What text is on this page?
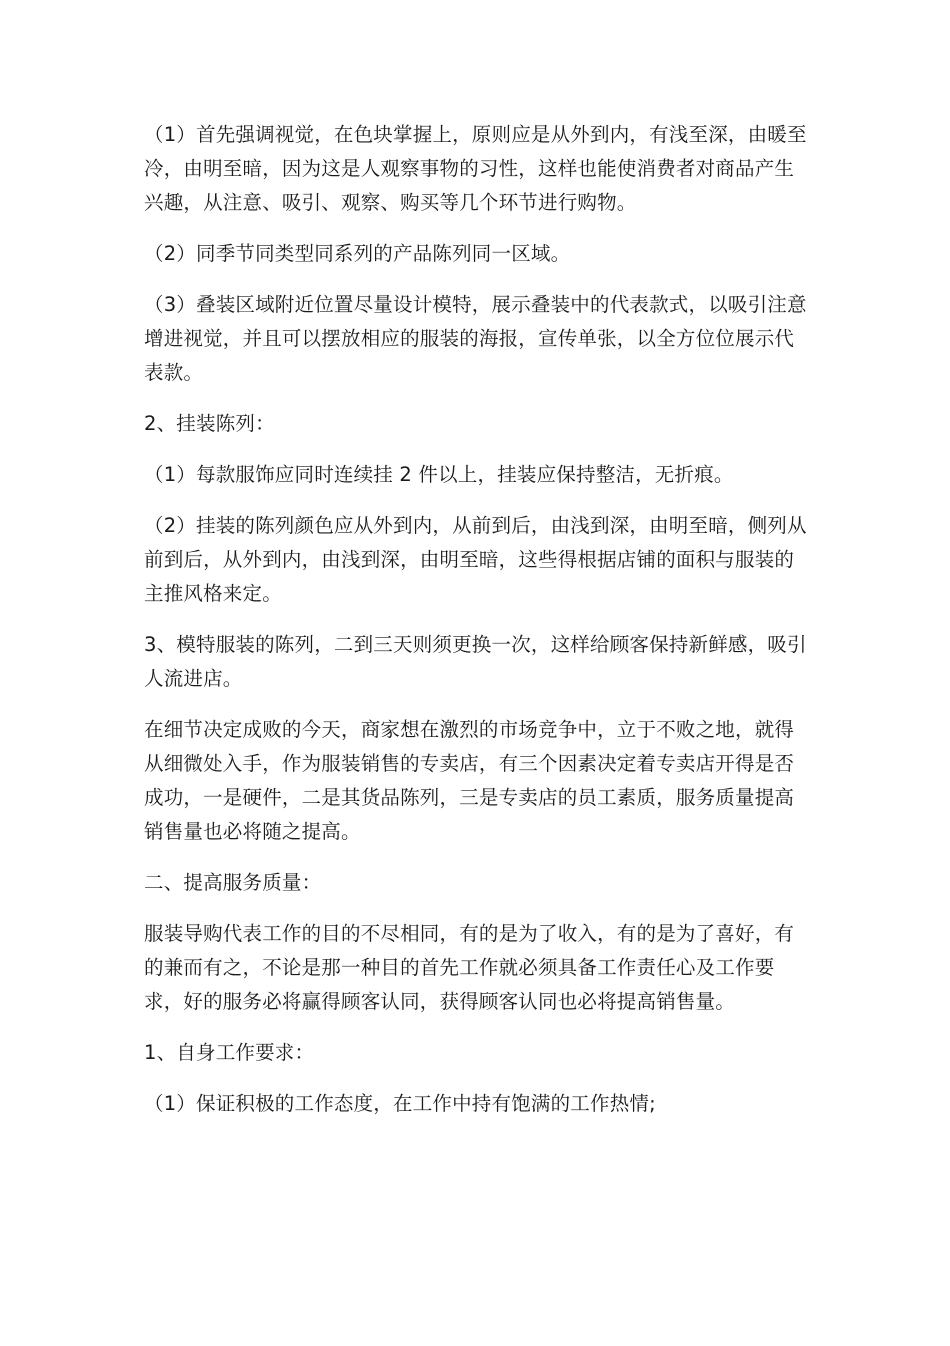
（1）首先强调视觉，在色块掌握上，原则应是从外到内，有浅至深，由暖至冷，由明至暗，因为这是人观察事物的习性，这样也能使消费者对商品产生兴趣，从注意、吸引、观察、购买等几个环节进行购物。

（2）同季节同类型同系列的产品陈列同一区域。

（3）叠装区域附近位置尽量设计模特，展示叠装中的代表款式，以吸引注意增进视觉，并且可以摆放相应的服装的海报，宣传单张，以全方位位展示代表款。

2、挂装陈列：

（1）每款服饰应同时连续挂 2 件以上，挂装应保持整洁，无折痕。

（2）挂装的陈列颜色应从外到内，从前到后，由浅到深，由明至暗，侧列从前到后，从外到内，由浅到深，由明至暗，这些得根据店铺的面积与服装的主推风格来定。

3、模特服装的陈列，二到三天则须更换一次，这样给顾客保持新鲜感，吸引人流进店。

在细节决定成败的今天，商家想在激烈的市场竞争中，立于不败之地，就得从细微处入手，作为服装销售的专卖店，有三个因素决定着专卖店开得是否成功，一是硬件，二是其货品陈列，三是专卖店的员工素质，服务质量提高销售量也必将随之提高。

二、提高服务质量：

服装导购代表工作的目的不尽相同，有的是为了收入，有的是为了喜好，有的兼而有之，不论是那一种目的首先工作就必须具备工作责任心及工作要求，好的服务必将赢得顾客认同，获得顾客认同也必将提高销售量。

1、自身工作要求：

（1）保证积极的工作态度，在工作中持有饱满的工作热情;
